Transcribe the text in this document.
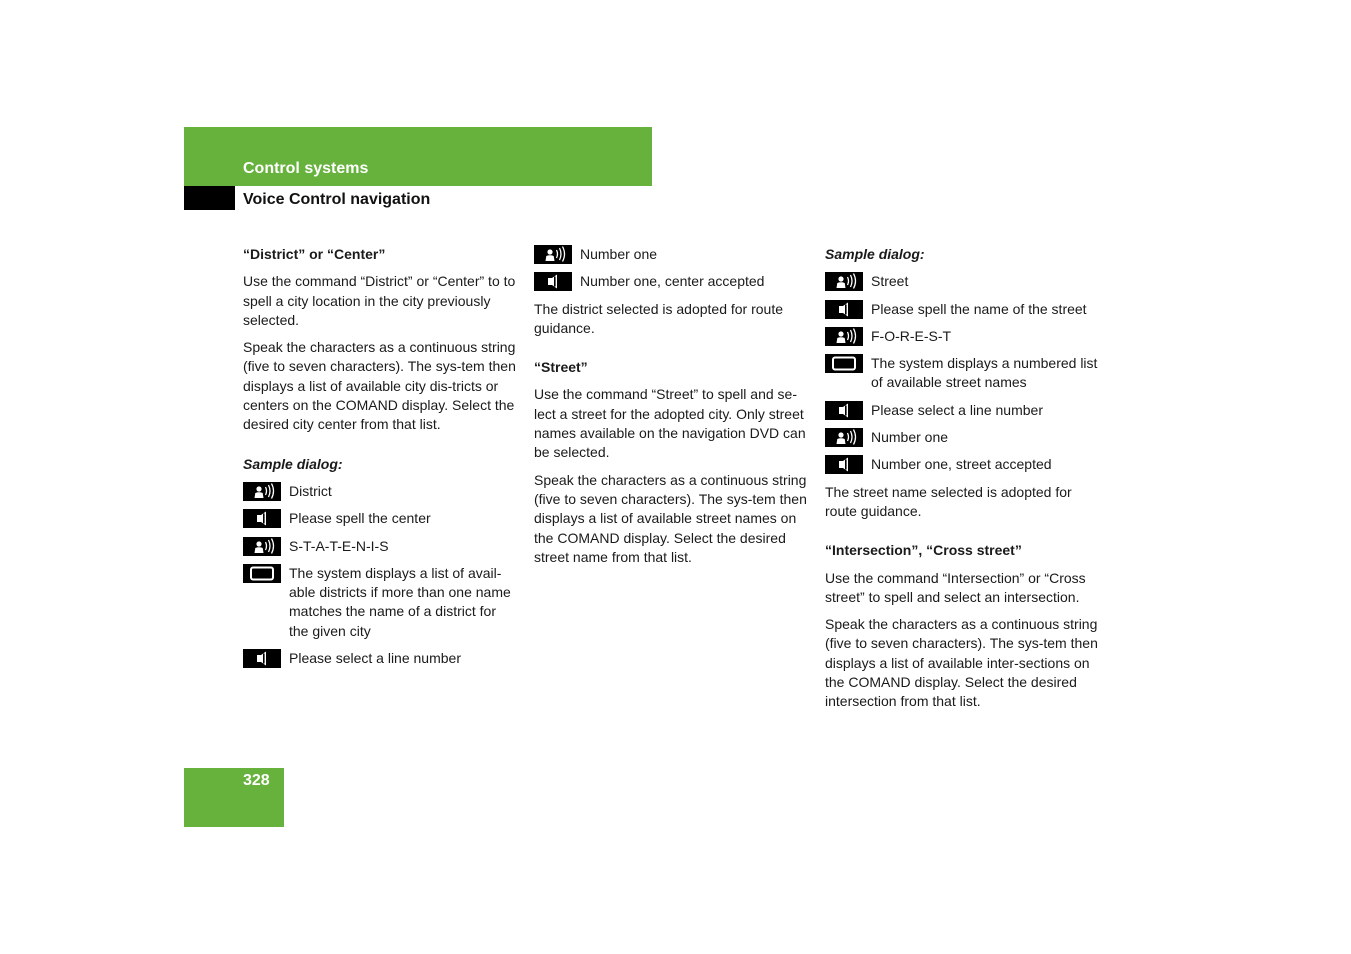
Control systems
Voice Control navigation
“District” or “Center”

Use the command “District” or “Center” to to spell a city location in the city previously selected.

Speak the characters as a continuous string (five to seven characters). The sys-tem then displays a list of available city dis-tricts or centers on the COMAND display. Select the desired city center from that list.

Sample dialog:
District
Please spell the center
S-T-A-T-E-N-I-S
The system displays a list of avail-able districts if more than one name matches the name of a district for the given city
Please select a line number
Number one
Number one, center accepted

The district selected is adopted for route guidance.

“Street”

Use the command “Street” to spell and se-lect a street for the adopted city. Only street names available on the navigation DVD can be selected.

Speak the characters as a continuous string (five to seven characters). The sys-tem then displays a list of available street names on the COMAND display. Select the desired street name from that list.

Sample dialog:
Street
Please spell the name of the street
F-O-R-E-S-T
The system displays a numbered list of available street names
Please select a line number
Number one
Number one, street accepted

The street name selected is adopted for route guidance.

“Intersection”, “Cross street”

Use the command “Intersection” or “Cross street” to spell and select an intersection.

Speak the characters as a continuous string (five to seven characters). The sys-tem then displays a list of available inter-sections on the COMAND display. Select the desired intersection from that list.

328
